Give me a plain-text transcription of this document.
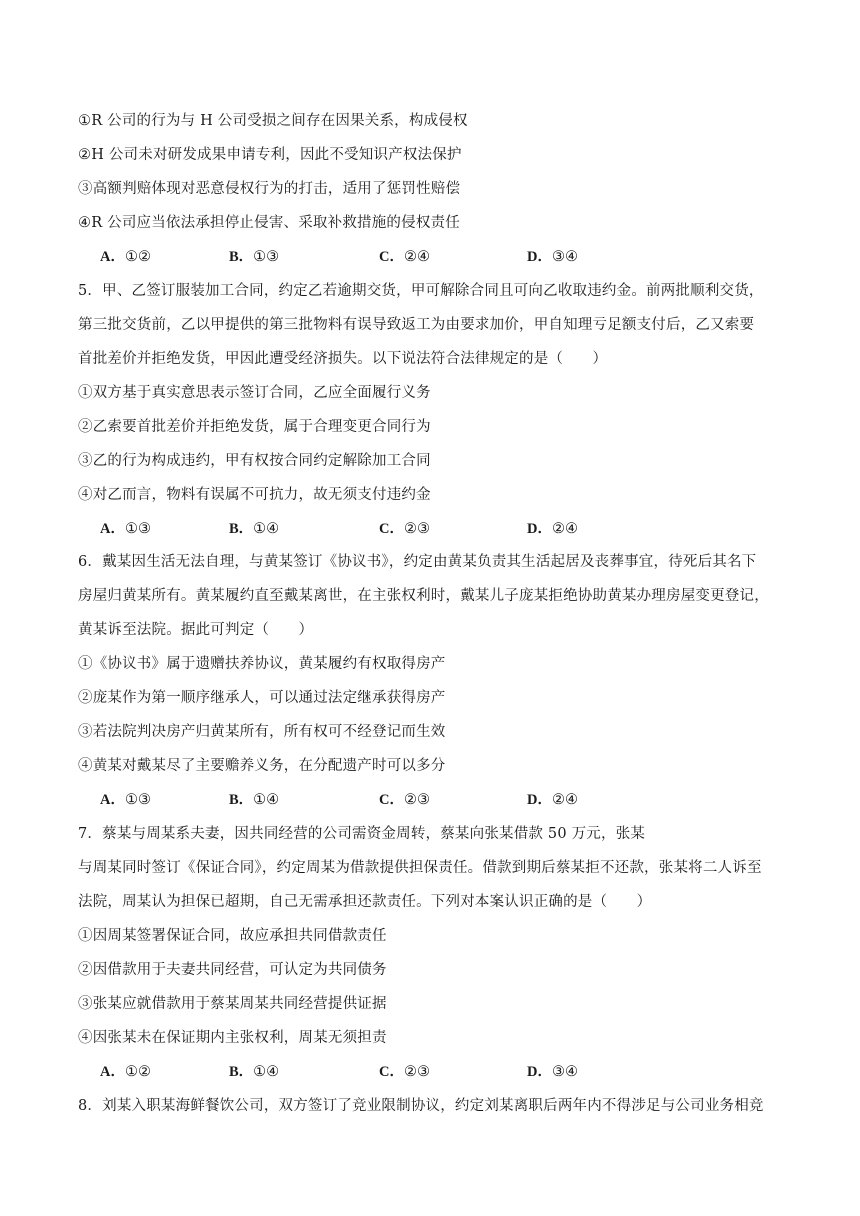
①R 公司的行为与 H 公司受损之间存在因果关系，构成侵权
②H 公司未对研发成果申请专利，因此不受知识产权法保护
③高额判赔体现对恶意侵权行为的打击，适用了惩罚性赔偿
④R 公司应当依法承担停止侵害、采取补救措施的侵权责任
A．①②	B．①③	C．②④	D．③④
5．甲、乙签订服装加工合同，约定乙若逾期交货，甲可解除合同且可向乙收取违约金。前两批顺利交货，
第三批交货前，乙以甲提供的第三批物料有误导致返工为由要求加价，甲自知理亏足额支付后，乙又索要
首批差价并拒绝发货，甲因此遭受经济损失。以下说法符合法律规定的是（　　）
①双方基于真实意思表示签订合同，乙应全面履行义务
②乙索要首批差价并拒绝发货，属于合理变更合同行为
③乙的行为构成违约，甲有权按合同约定解除加工合同
④对乙而言，物料有误属不可抗力，故无须支付违约金
A．①③	B．①④	C．②③	D．②④
6．戴某因生活无法自理，与黄某签订《协议书》，约定由黄某负责其生活起居及丧葬事宜，待死后其名下
房屋归黄某所有。黄某履约直至戴某离世，在主张权利时，戴某儿子庞某拒绝协助黄某办理房屋变更登记，
黄某诉至法院。据此可判定（　　）
①《协议书》属于遗赠扶养协议，黄某履约有权取得房产
②庞某作为第一顺序继承人，可以通过法定继承获得房产
③若法院判决房产归黄某所有，所有权可不经登记而生效
④黄某对戴某尽了主要赡养义务，在分配遗产时可以多分
A．①③	B．①④	C．②③	D．②④
7．蔡某与周某系夫妻，因共同经营的公司需资金周转，蔡某向张某借款 50 万元，张某
与周某同时签订《保证合同》，约定周某为借款提供担保责任。借款到期后蔡某拒不还款，张某将二人诉至
法院，周某认为担保已超期，自己无需承担还款责任。下列对本案认识正确的是（　　）
①因周某签署保证合同，故应承担共同借款责任
②因借款用于夫妻共同经营，可认定为共同债务
③张某应就借款用于蔡某周某共同经营提供证据
④因张某未在保证期内主张权利，周某无须担责
A．①②	B．①④	C．②③	D．③④
8．刘某入职某海鲜餐饮公司，双方签订了竞业限制协议，约定刘某离职后两年内不得涉足与公司业务相竞
